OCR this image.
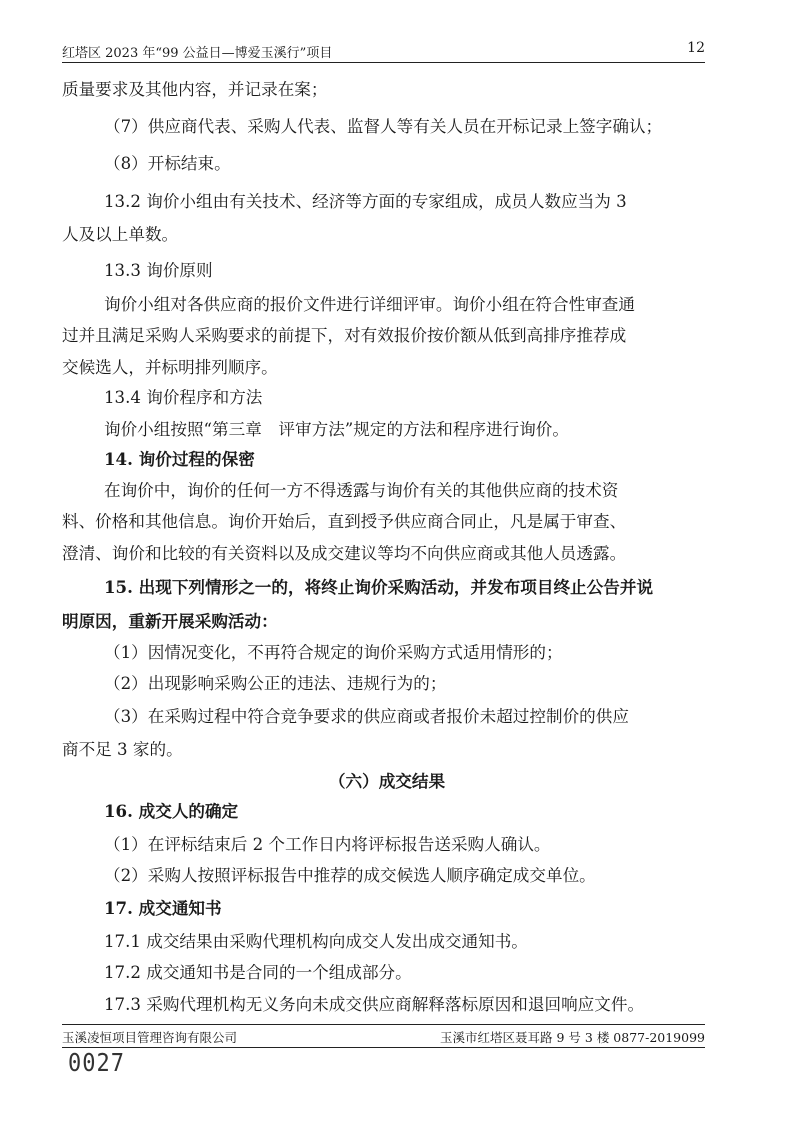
红塔区 2023 年“99 公益日—博爱玉溪行”项目	12
质量要求及其他内容，并记录在案；
（7）供应商代表、采购人代表、监督人等有关人员在开标记录上签字确认；
（8）开标结束。
13.2 询价小组由有关技术、经济等方面的专家组成，成员人数应当为 3
人及以上单数。
13.3 询价原则
询价小组对各供应商的报价文件进行详细评审。询价小组在符合性审查通
过并且满足采购人采购要求的前提下，对有效报价按价额从低到高排序推荐成
交候选人，并标明排列顺序。
13.4 询价程序和方法
询价小组按照“第三章　评审方法”规定的方法和程序进行询价。
14. 询价过程的保密
在询价中，询价的任何一方不得透露与询价有关的其他供应商的技术资
料、价格和其他信息。询价开始后，直到授予供应商合同止，凡是属于审查、
澄清、询价和比较的有关资料以及成交建议等均不向供应商或其他人员透露。
15. 出现下列情形之一的，将终止询价采购活动，并发布项目终止公告并说
明原因，重新开展采购活动：
（1）因情况变化，不再符合规定的询价采购方式适用情形的；
（2）出现影响采购公正的违法、违规行为的；
（3）在采购过程中符合竞争要求的供应商或者报价未超过控制价的供应
商不足 3 家的。
（六）成交结果
16. 成交人的确定
（1）在评标结束后 2 个工作日内将评标报告送采购人确认。
（2）采购人按照评标报告中推荐的成交候选人顺序确定成交单位。
17. 成交通知书
17.1 成交结果由采购代理机构向成交人发出成交通知书。
17.2 成交通知书是合同的一个组成部分。
17.3 采购代理机构无义务向未成交供应商解释落标原因和退回响应文件。
玉溪凌恒项目管理咨询有限公司	玉溪市红塔区聂耳路 9 号 3 楼 0877-2019099
0027
